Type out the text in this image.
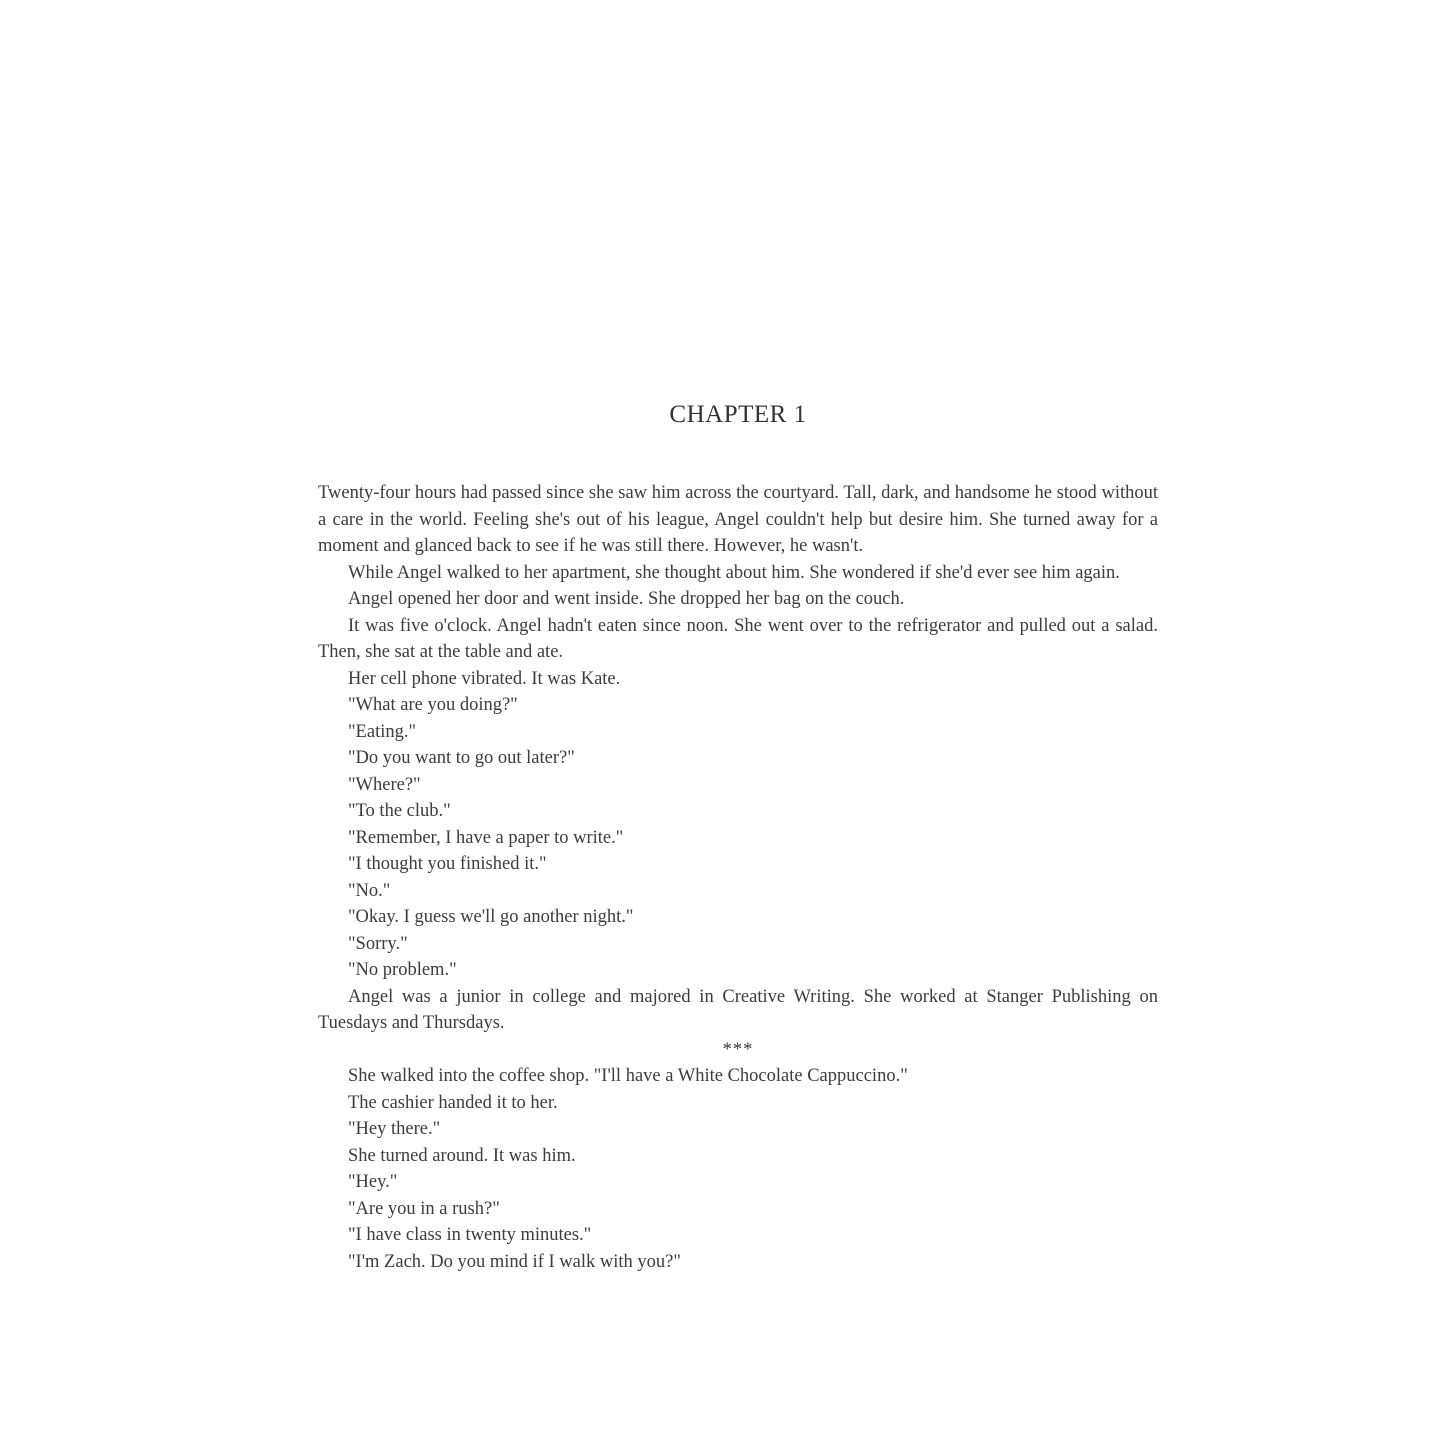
CHAPTER 1

Twenty-four hours had passed since she saw him across the courtyard. Tall, dark, and handsome he stood without a care in the world. Feeling she's out of his league, Angel couldn't help but desire him. She turned away for a moment and glanced back to see if he was still there. However, he wasn't.

While Angel walked to her apartment, she thought about him. She wondered if she'd ever see him again.

Angel opened her door and went inside. She dropped her bag on the couch.

It was five o'clock. Angel hadn't eaten since noon. She went over to the refrigerator and pulled out a salad. Then, she sat at the table and ate.

Her cell phone vibrated. It was Kate.

"What are you doing?"

"Eating."

"Do you want to go out later?"

"Where?"

"To the club."

"Remember, I have a paper to write."

"I thought you finished it."

"No."

"Okay. I guess we'll go another night."

"Sorry."

"No problem."

Angel was a junior in college and majored in Creative Writing. She worked at Stanger Publishing on Tuesdays and Thursdays.

***

She walked into the coffee shop. "I'll have a White Chocolate Cappuccino."

The cashier handed it to her.

"Hey there."

She turned around. It was him.

"Hey."

"Are you in a rush?"

"I have class in twenty minutes."

"I'm Zach. Do you mind if I walk with you?"
